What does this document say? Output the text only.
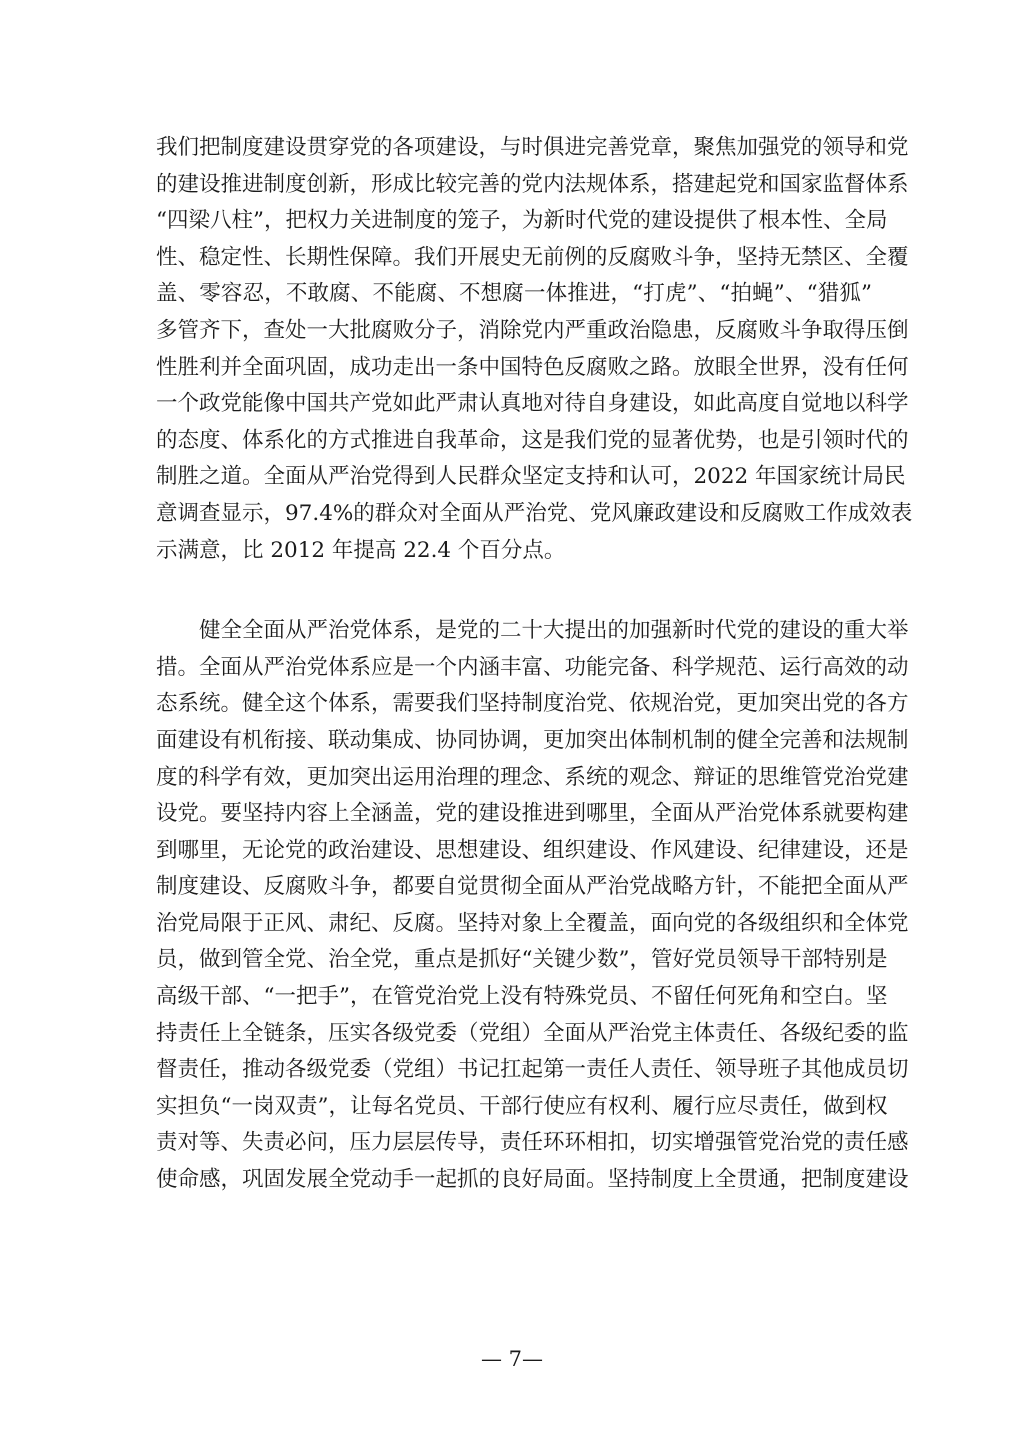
我们把制度建设贯穿党的各项建设，与时俱进完善党章，聚焦加强党的领导和党
的建设推进制度创新，形成比较完善的党内法规体系，搭建起党和国家监督体系
“四梁八柱”，把权力关进制度的笼子，为新时代党的建设提供了根本性、全局
性、稳定性、长期性保障。我们开展史无前例的反腐败斗争，坚持无禁区、全覆
盖、零容忍，不敢腐、不能腐、不想腐一体推进，“打虎”、“拍蝇”、“猎狐”
多管齐下，查处一大批腐败分子，消除党内严重政治隐患，反腐败斗争取得压倒
性胜利并全面巩固，成功走出一条中国特色反腐败之路。放眼全世界，没有任何
一个政党能像中国共产党如此严肃认真地对待自身建设，如此高度自觉地以科学
的态度、体系化的方式推进自我革命，这是我们党的显著优势，也是引领时代的
制胜之道。全面从严治党得到人民群众坚定支持和认可，2022 年国家统计局民
意调查显示，97.4%的群众对全面从严治党、党风廉政建设和反腐败工作成效表
示满意，比 2012 年提高 22.4 个百分点。
　　健全全面从严治党体系，是党的二十大提出的加强新时代党的建设的重大举
措。全面从严治党体系应是一个内涵丰富、功能完备、科学规范、运行高效的动
态系统。健全这个体系，需要我们坚持制度治党、依规治党，更加突出党的各方
面建设有机衔接、联动集成、协同协调，更加突出体制机制的健全完善和法规制
度的科学有效，更加突出运用治理的理念、系统的观念、辩证的思维管党治党建
设党。要坚持内容上全涵盖，党的建设推进到哪里，全面从严治党体系就要构建
到哪里，无论党的政治建设、思想建设、组织建设、作风建设、纪律建设，还是
制度建设、反腐败斗争，都要自觉贯彻全面从严治党战略方针，不能把全面从严
治党局限于正风、肃纪、反腐。坚持对象上全覆盖，面向党的各级组织和全体党
员，做到管全党、治全党，重点是抓好“关键少数”，管好党员领导干部特别是
高级干部、“一把手”，在管党治党上没有特殊党员、不留任何死角和空白。坚
持责任上全链条，压实各级党委（党组）全面从严治党主体责任、各级纪委的监
督责任，推动各级党委（党组）书记扛起第一责任人责任、领导班子其他成员切
实担负“一岗双责”，让每名党员、干部行使应有权利、履行应尽责任，做到权
责对等、失责必问，压力层层传导，责任环环相扣，切实增强管党治党的责任感
使命感，巩固发展全党动手一起抓的良好局面。坚持制度上全贯通，把制度建设
— 7—
